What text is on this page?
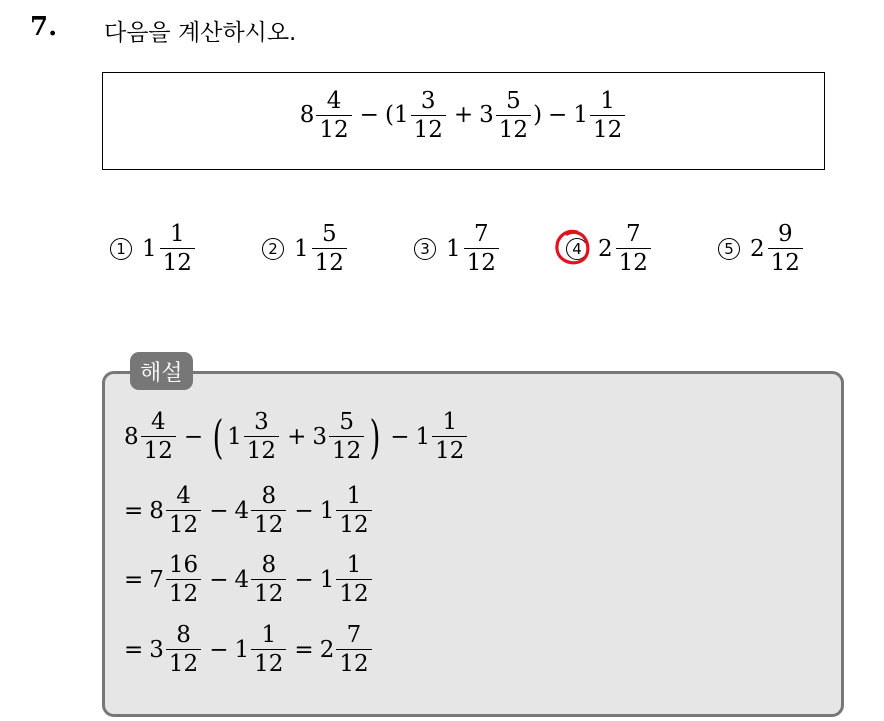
7. 다음을 계산하시오.
$8 \frac{4}{12}$ − ( $1 \frac{3}{12} + 3 \frac{5}{12}$ ) − $1 \frac{1}{12}$
1 $1 \frac{1}{12}$	2 $1 \frac{5}{12}$	3 $1 \frac{7}{12}$	4 $2 \frac{7}{12}$	5 $2 \frac{9}{12}$
해설
$8 \frac{4}{12}$ − ( $1 \frac{3}{12} + 3 \frac{5}{12}$ ) − $1 \frac{1}{12}$
= $8 \frac{4}{12} - 4 \frac{8}{12} - 1 \frac{1}{12}$
= $7 \frac{16}{12} - 4 \frac{8}{12} - 1 \frac{1}{12}$
= $3 \frac{8}{12} - 1 \frac{1}{12} = 2 \frac{7}{12}$
